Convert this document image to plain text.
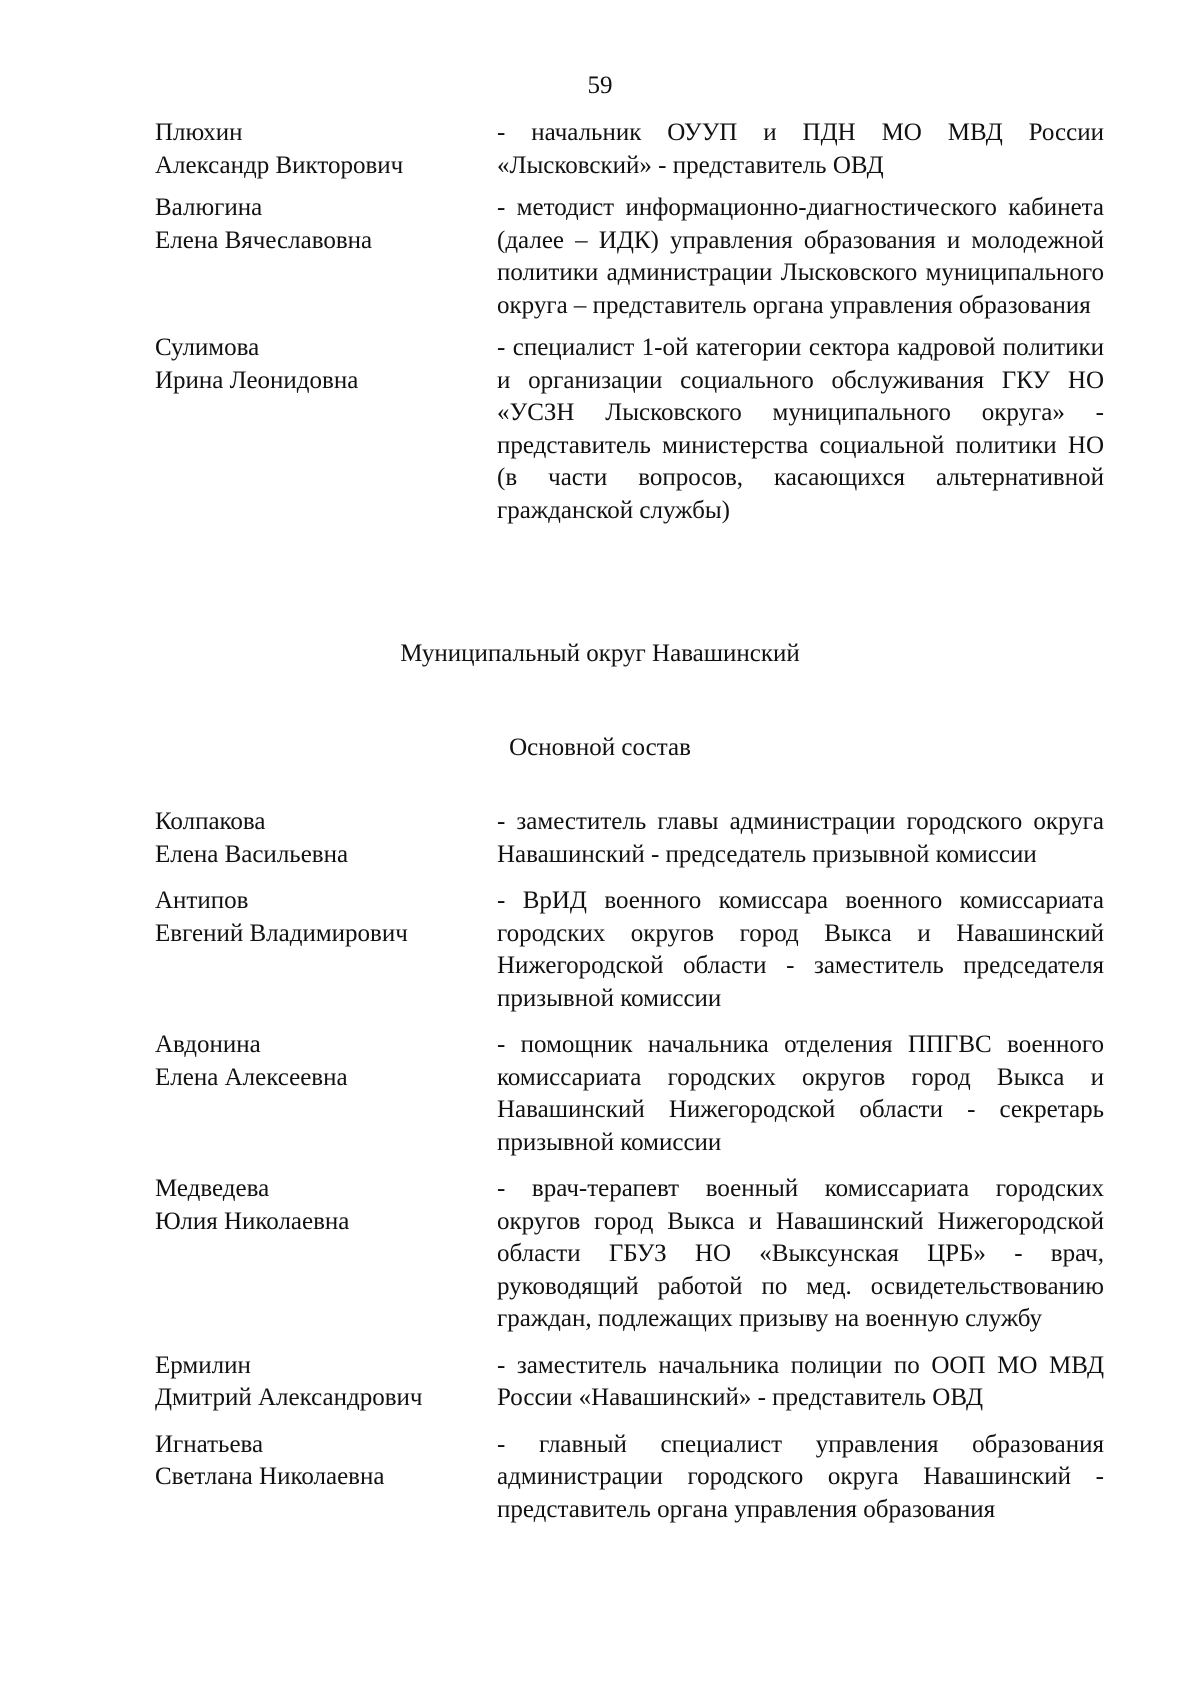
59
Плюхин
Александр Викторович
- начальник ОУУП и ПДН МО МВД России «Лысковский» - представитель ОВД
Валюгина
Елена Вячеславовна
- методист информационно-диагностического кабинета (далее – ИДК) управления образования и молодежной политики администрации Лысковского муниципального округа – представитель органа управления образования
Сулимова
Ирина Леонидовна
- специалист 1-ой категории сектора кадровой политики и организации социального обслуживания ГКУ НО «УСЗН Лысковского муниципального округа» - представитель министерства социальной политики НО (в части вопросов, касающихся альтернативной гражданской службы)
Муниципальный округ Навашинский
Основной состав
Колпакова
Елена Васильевна
- заместитель главы администрации городского округа Навашинский - председатель призывной комиссии
Антипов
Евгений Владимирович
- ВрИД военного комиссара военного комиссариата городских округов город Выкса и Навашинский Нижегородской области - заместитель председателя призывной комиссии
Авдонина
Елена Алексеевна
- помощник начальника отделения ППГВС военного комиссариата городских округов город Выкса и Навашинский Нижегородской области - секретарь призывной комиссии
Медведева
Юлия Николаевна
- врач-терапевт военный комиссариата городских округов город Выкса и Навашинский Нижегородской области ГБУЗ НО «Выксунская ЦРБ» - врач, руководящий работой по мед. освидетельствованию граждан, подлежащих призыву на военную службу
Ермилин
Дмитрий Александрович
- заместитель начальника полиции по ООП МО МВД России «Навашинский» - представитель ОВД
Игнатьева
Светлана Николаевна
- главный специалист управления образования администрации городского округа Навашинский - представитель органа управления образования
